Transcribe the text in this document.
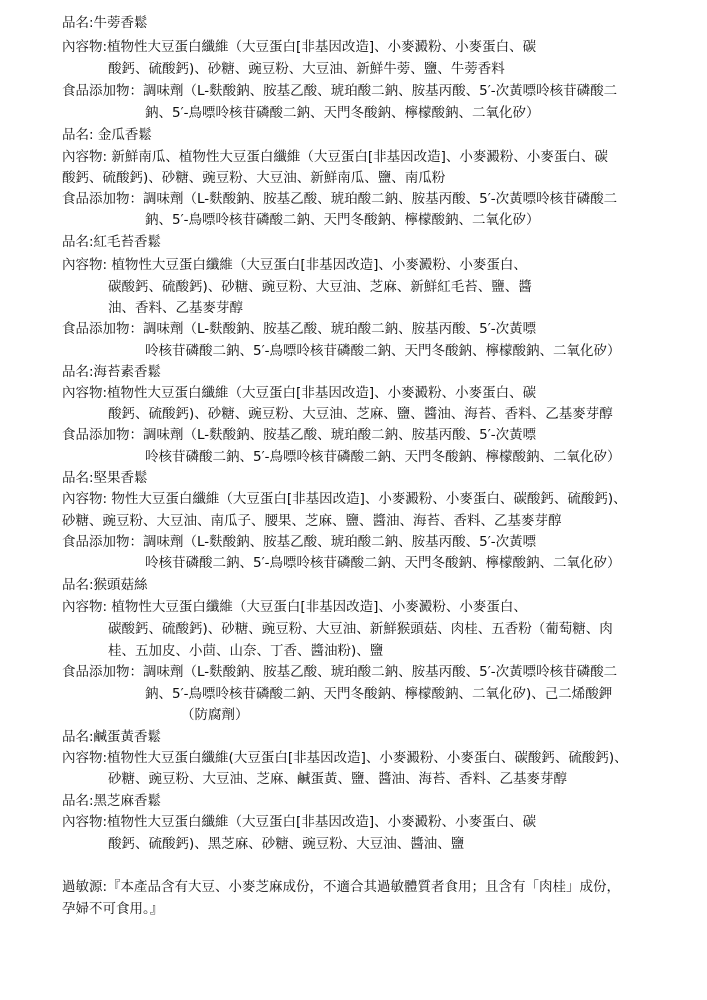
品名:牛蒡香鬆
內容物:植物性大豆蛋白纖維（大豆蛋白[非基因改造]、小麥澱粉、小麥蛋白、碳
酸鈣、硫酸鈣)、砂糖、豌豆粉、大豆油、新鮮牛蒡、鹽、牛蒡香料
食品添加物：調味劑（L-麩酸鈉、胺基乙酸、琥珀酸二鈉、胺基丙酸、5′-次黃嘌呤核苷磷酸二
鈉、5′-鳥嘌呤核苷磷酸二鈉、天門冬酸鈉、檸檬酸鈉、二氧化矽）
品名: 金瓜香鬆
內容物: 新鮮南瓜、植物性大豆蛋白纖維（大豆蛋白[非基因改造]、小麥澱粉、小麥蛋白、碳
酸鈣、硫酸鈣)、砂糖、豌豆粉、大豆油、新鮮南瓜、鹽、南瓜粉
食品添加物：調味劑（L-麩酸鈉、胺基乙酸、琥珀酸二鈉、胺基丙酸、5′-次黃嘌呤核苷磷酸二
鈉、5′-鳥嘌呤核苷磷酸二鈉、天門冬酸鈉、檸檬酸鈉、二氧化矽）
品名:紅毛苔香鬆
內容物: 植物性大豆蛋白纖維（大豆蛋白[非基因改造]、小麥澱粉、小麥蛋白、
碳酸鈣、硫酸鈣)、砂糖、豌豆粉、大豆油、芝麻、新鮮紅毛苔、鹽、醬
油、香料、乙基麥芽醇
食品添加物：調味劑（L-麩酸鈉、胺基乙酸、琥珀酸二鈉、胺基丙酸、5′-次黃嘌
呤核苷磷酸二鈉、5′-鳥嘌呤核苷磷酸二鈉、天門冬酸鈉、檸檬酸鈉、二氧化矽）
品名:海苔素香鬆
內容物:植物性大豆蛋白纖維（大豆蛋白[非基因改造]、小麥澱粉、小麥蛋白、碳
酸鈣、硫酸鈣)、砂糖、豌豆粉、大豆油、芝麻、鹽、醬油、海苔、香料、乙基麥芽醇
食品添加物：調味劑（L-麩酸鈉、胺基乙酸、琥珀酸二鈉、胺基丙酸、5′-次黃嘌
呤核苷磷酸二鈉、5′-鳥嘌呤核苷磷酸二鈉、天門冬酸鈉、檸檬酸鈉、二氧化矽）
品名:堅果香鬆
內容物: 物性大豆蛋白纖維（大豆蛋白[非基因改造]、小麥澱粉、小麥蛋白、碳酸鈣、硫酸鈣)、
砂糖、豌豆粉、大豆油、南瓜子、腰果、芝麻、鹽、醬油、海苔、香料、乙基麥芽醇
食品添加物：調味劑（L-麩酸鈉、胺基乙酸、琥珀酸二鈉、胺基丙酸、5′-次黃嘌
呤核苷磷酸二鈉、5′-鳥嘌呤核苷磷酸二鈉、天門冬酸鈉、檸檬酸鈉、二氧化矽）
品名:猴頭菇絲
內容物: 植物性大豆蛋白纖維（大豆蛋白[非基因改造]、小麥澱粉、小麥蛋白、
碳酸鈣、硫酸鈣)、砂糖、豌豆粉、大豆油、新鮮猴頭菇、肉桂、五香粉（葡萄糖、肉
桂、五加皮、小茴、山奈、丁香、醬油粉)、鹽
食品添加物：調味劑（L-麩酸鈉、胺基乙酸、琥珀酸二鈉、胺基丙酸、5′-次黃嘌呤核苷磷酸二
鈉、5′-鳥嘌呤核苷磷酸二鈉、天門冬酸鈉、檸檬酸鈉、二氧化矽)、己二烯酸鉀
（防腐劑）
品名:鹹蛋黃香鬆
內容物:植物性大豆蛋白纖維(大豆蛋白[非基因改造]、小麥澱粉、小麥蛋白、碳酸鈣、硫酸鈣)、
砂糖、豌豆粉、大豆油、芝麻、鹹蛋黃、鹽、醬油、海苔、香料、乙基麥芽醇
品名:黑芝麻香鬆
內容物:植物性大豆蛋白纖維（大豆蛋白[非基因改造]、小麥澱粉、小麥蛋白、碳
酸鈣、硫酸鈣)、黑芝麻、砂糖、豌豆粉、大豆油、醬油、鹽
過敏源:『本產品含有大豆、小麥芝麻成份，不適合其過敏體質者食用；且含有「肉桂」成份，
孕婦不可食用。』
